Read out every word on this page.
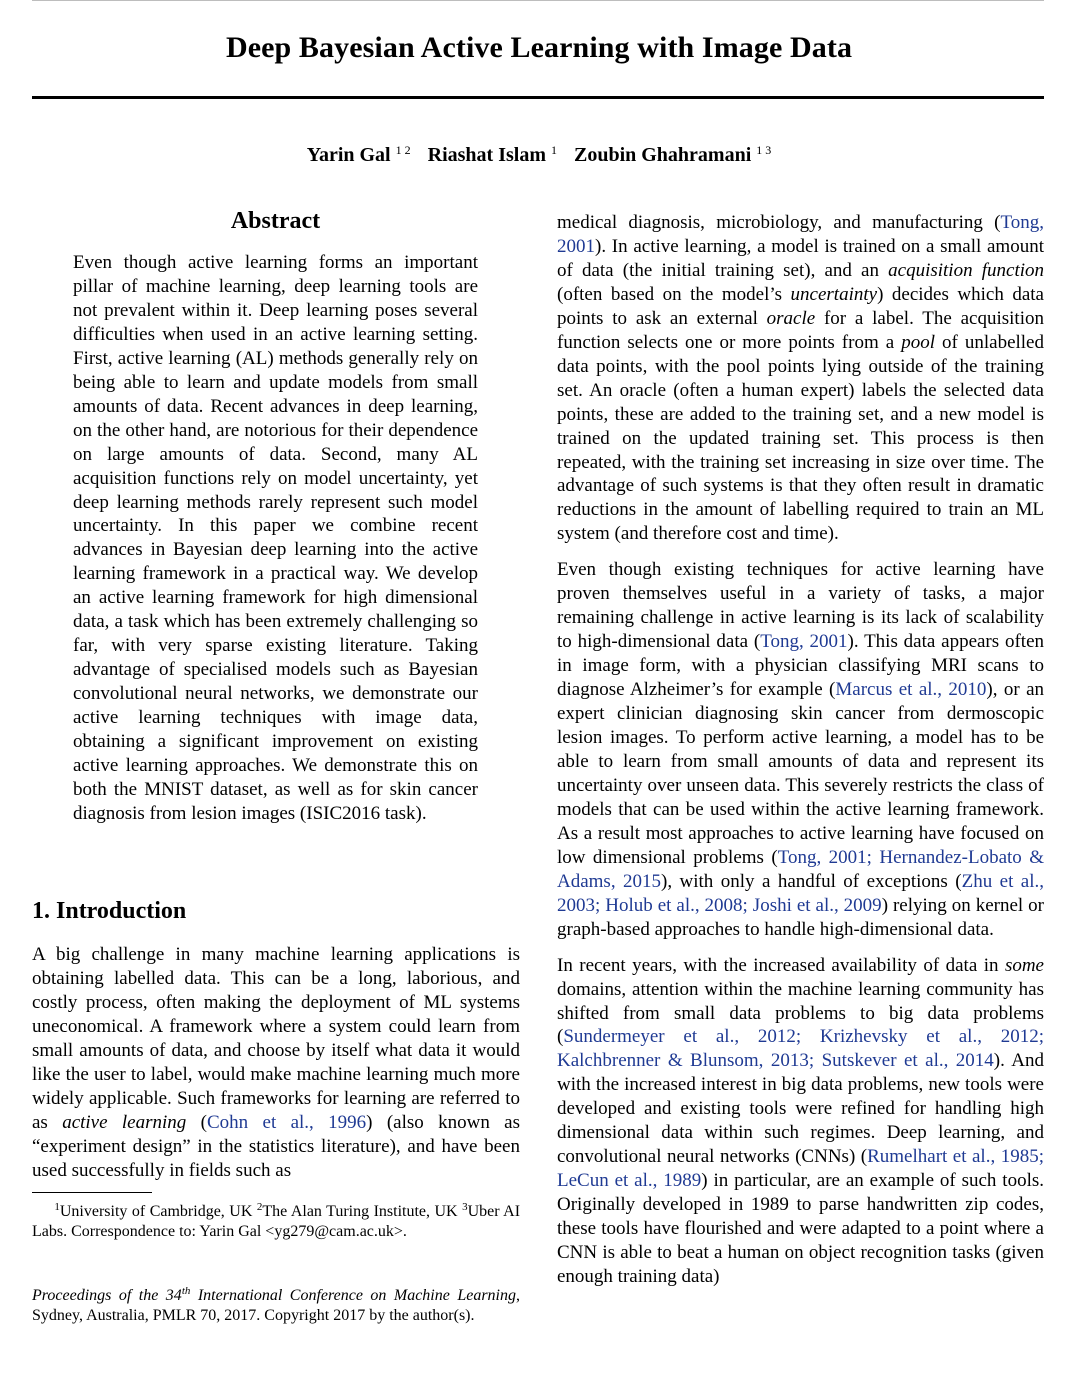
Deep Bayesian Active Learning with Image Data
Yarin Gal $^{1 2}$ Riashat Islam $^1$ Zoubin Ghahramani $^{1 3}$
Abstract

Even though active learning forms an important pillar of machine learning, deep learning tools are not prevalent within it. Deep learning poses several difficulties when used in an active learning setting. First, active learning (AL) methods generally rely on being able to learn and update models from small amounts of data. Recent advances in deep learning, on the other hand, are notorious for their dependence on large amounts of data. Second, many AL acquisition functions rely on model uncertainty, yet deep learning methods rarely represent such model uncertainty. In this paper we combine recent advances in Bayesian deep learning into the active learning framework in a practical way. We develop an active learning framework for high dimensional data, a task which has been extremely challenging so far, with very sparse existing literature. Taking advantage of specialised models such as Bayesian convolutional neural networks, we demonstrate our active learning techniques with image data, obtaining a significant improvement on existing active learning approaches. We demonstrate this on both the MNIST dataset, as well as for skin cancer diagnosis from lesion images (ISIC2016 task).

1. Introduction

A big challenge in many machine learning applications is obtaining labelled data. This can be a long, laborious, and costly process, often making the deployment of ML systems uneconomical. A framework where a system could learn from small amounts of data, and choose by itself what data it would like the user to label, would make machine learning much more widely applicable. Such frameworks for learning are referred to as active learning (Cohn et al., 1996) (also known as “experiment design” in the statistics literature), and have been used successfully in fields such as

$^1$University of Cambridge, UK $^2$The Alan Turing Institute, UK $^3$Uber AI Labs. Correspondence to: Yarin Gal <yg279@cam.ac.uk>.

Proceedings of the 34th International Conference on Machine Learning, Sydney, Australia, PMLR 70, 2017. Copyright 2017 by the author(s).

medical diagnosis, microbiology, and manufacturing (Tong, 2001). In active learning, a model is trained on a small amount of data (the initial training set), and an acquisition function (often based on the model’s uncertainty) decides which data points to ask an external oracle for a label. The acquisition function selects one or more points from a pool of unlabelled data points, with the pool points lying outside of the training set. An oracle (often a human expert) labels the selected data points, these are added to the training set, and a new model is trained on the updated training set. This process is then repeated, with the training set increasing in size over time. The advantage of such systems is that they often result in dramatic reductions in the amount of labelling required to train an ML system (and therefore cost and time).

Even though existing techniques for active learning have proven themselves useful in a variety of tasks, a major remaining challenge in active learning is its lack of scalability to high-dimensional data (Tong, 2001). This data appears often in image form, with a physician classifying MRI scans to diagnose Alzheimer’s for example (Marcus et al., 2010), or an expert clinician diagnosing skin cancer from dermoscopic lesion images. To perform active learning, a model has to be able to learn from small amounts of data and represent its uncertainty over unseen data. This severely restricts the class of models that can be used within the active learning framework. As a result most approaches to active learning have focused on low dimensional problems (Tong, 2001; Hernandez-Lobato & Adams, 2015), with only a handful of exceptions (Zhu et al., 2003; Holub et al., 2008; Joshi et al., 2009) relying on kernel or graph-based approaches to handle high-dimensional data.

In recent years, with the increased availability of data in some domains, attention within the machine learning community has shifted from small data problems to big data problems (Sundermeyer et al., 2012; Krizhevsky et al., 2012; Kalchbrenner & Blunsom, 2013; Sutskever et al., 2014). And with the increased interest in big data problems, new tools were developed and existing tools were refined for handling high dimensional data within such regimes. Deep learning, and convolutional neural networks (CNNs) (Rumelhart et al., 1985; LeCun et al., 1989) in particular, are an example of such tools. Originally developed in 1989 to parse handwritten zip codes, these tools have flourished and were adapted to a point where a CNN is able to beat a human on object recognition tasks (given enough training data)
